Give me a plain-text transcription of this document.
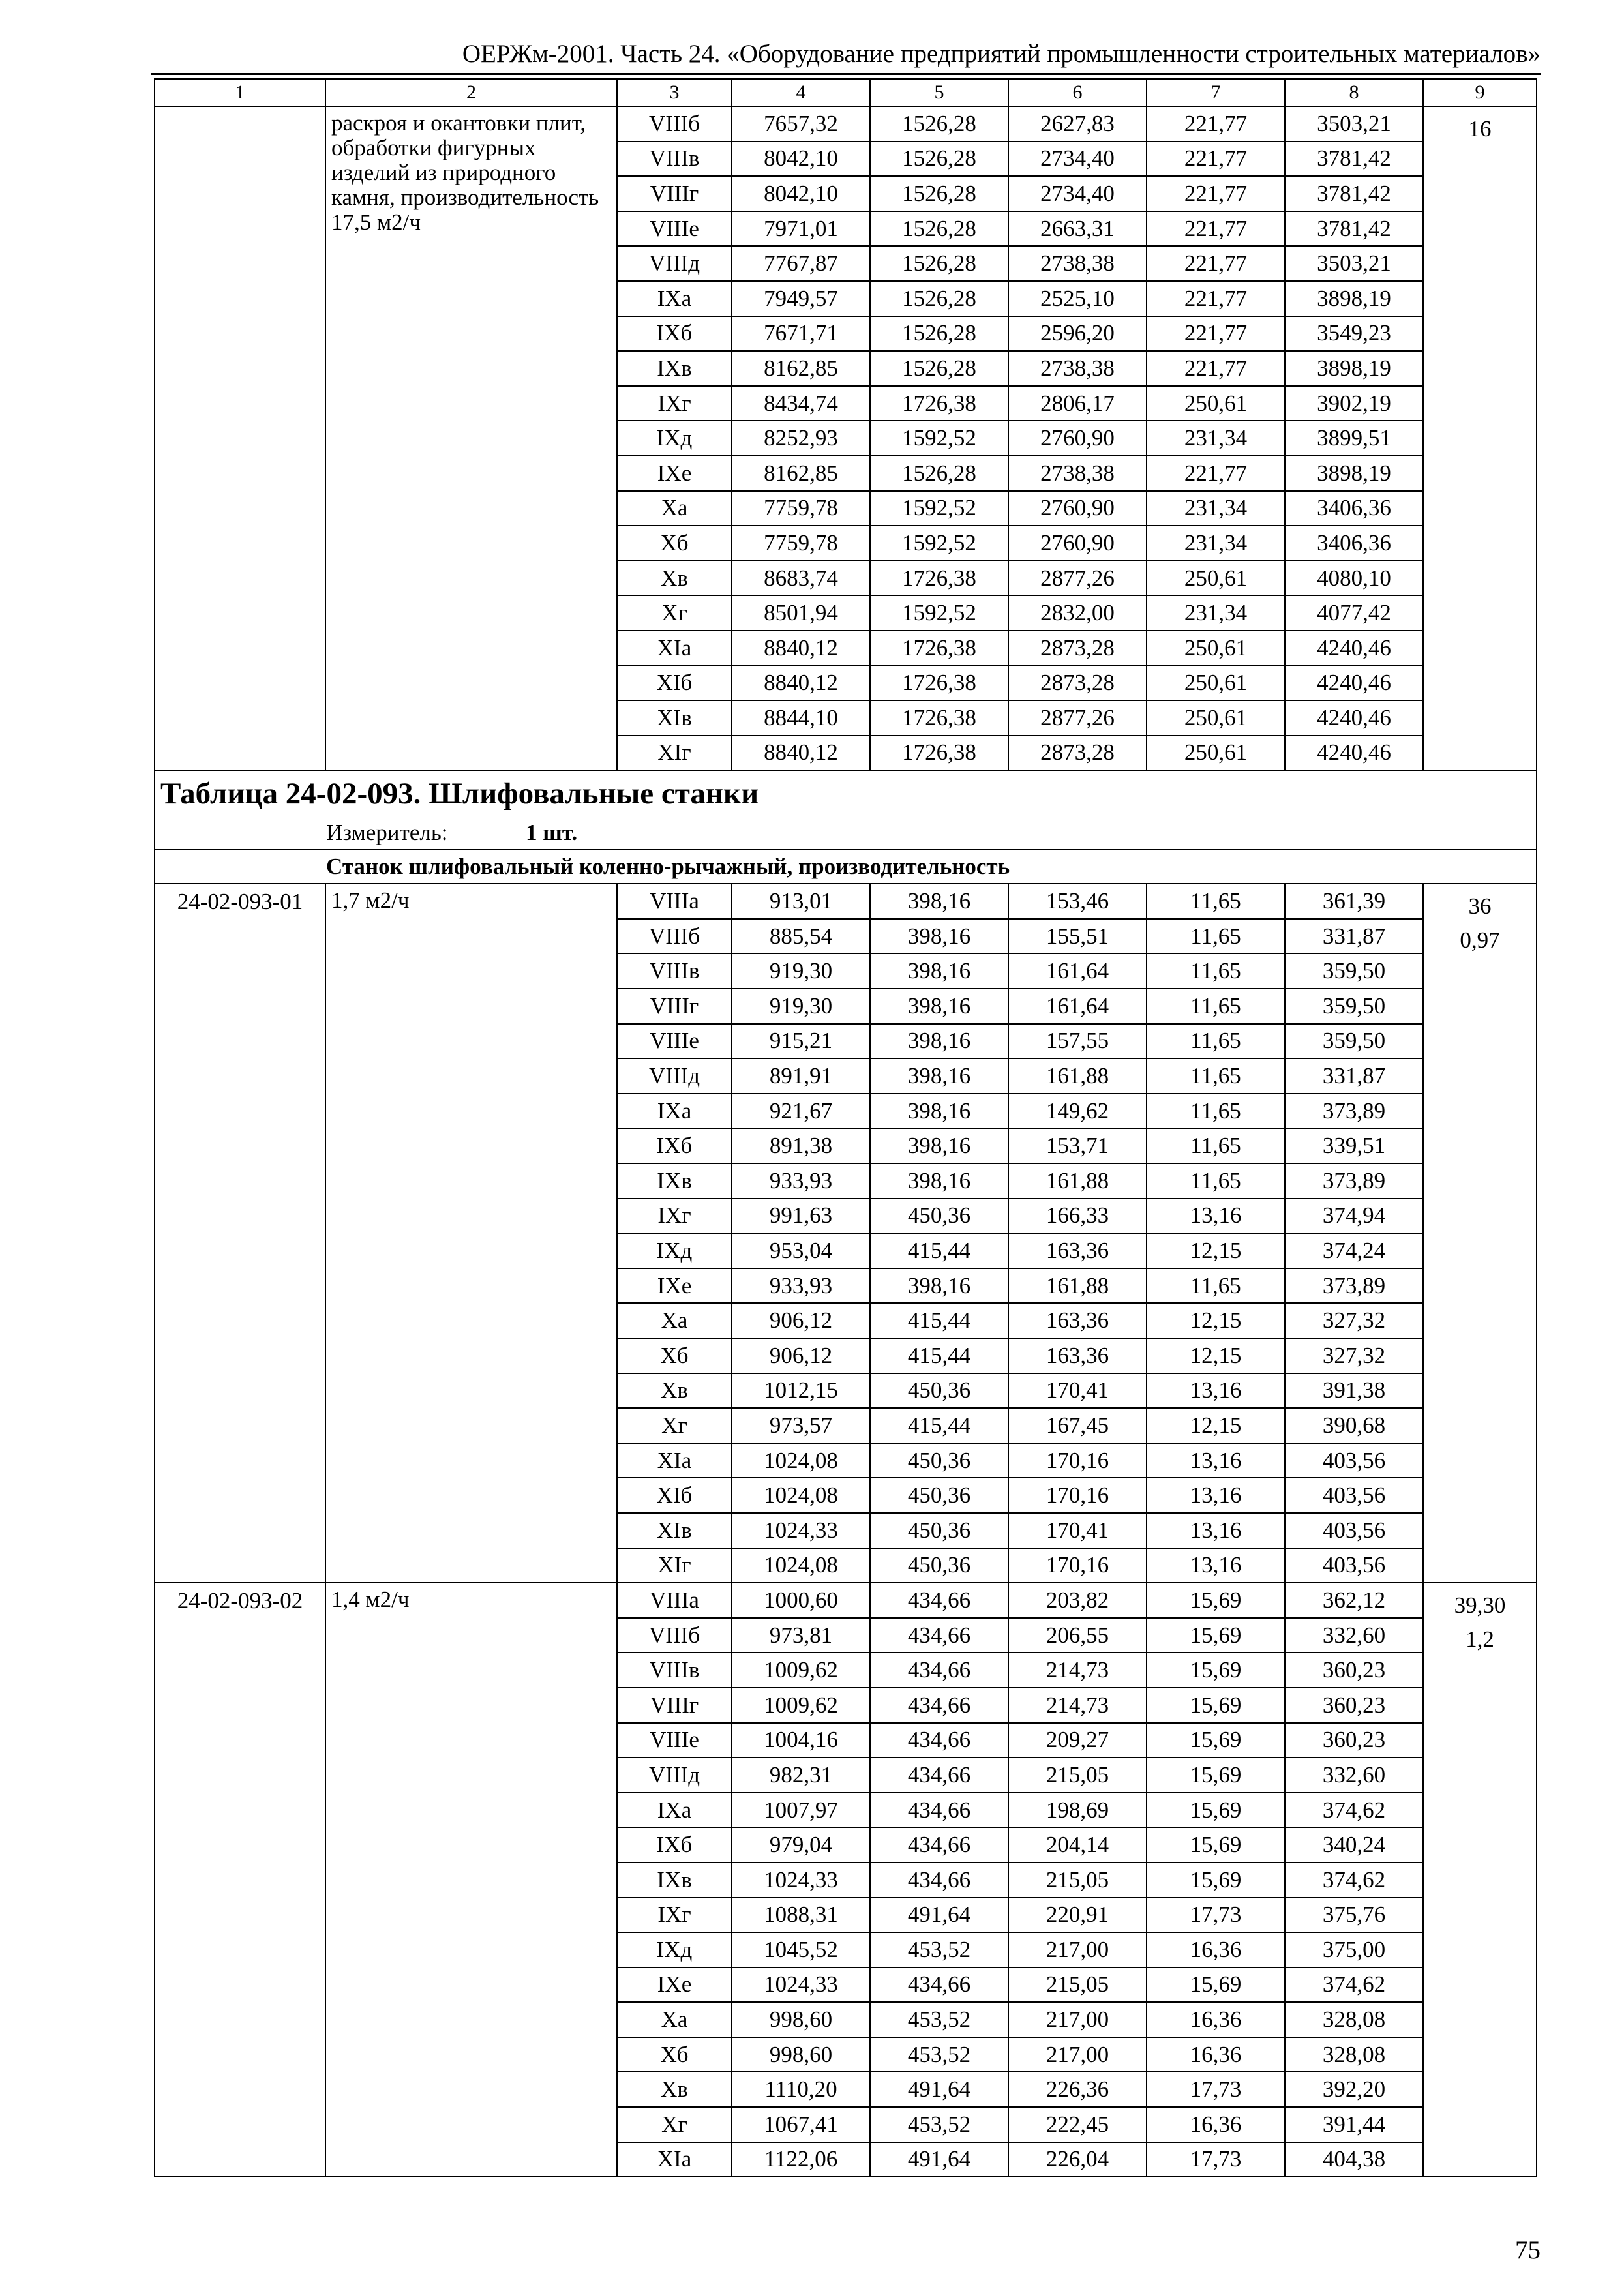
ОЕРЖм-2001. Часть 24. «Оборудование предприятий промышленности строительных материалов»
1	2	3	4	5	6	7	8	9
	раскроя и окантовки плит, обработки фигурных изделий из природного камня, производительность 17,5 м2/ч	VIIIб	7657,32	1526,28	2627,83	221,77	3503,21	16

		VIIIв	8042,10	1526,28	2734,40	221,77	3781,42	
		VIIIг	8042,10	1526,28	2734,40	221,77	3781,42	
		VIIIе	7971,01	1526,28	2663,31	221,77	3781,42	
		VIIIд	7767,87	1526,28	2738,38	221,77	3503,21	
		IXа	7949,57	1526,28	2525,10	221,77	3898,19	
		IXб	7671,71	1526,28	2596,20	221,77	3549,23	
		IXв	8162,85	1526,28	2738,38	221,77	3898,19	
		IXг	8434,74	1726,38	2806,17	250,61	3902,19	
		IXд	8252,93	1592,52	2760,90	231,34	3899,51	
		IXе	8162,85	1526,28	2738,38	221,77	3898,19	
		Xа	7759,78	1592,52	2760,90	231,34	3406,36	
		Xб	7759,78	1592,52	2760,90	231,34	3406,36	
		Xв	8683,74	1726,38	2877,26	250,61	4080,10	
		Xг	8501,94	1592,52	2832,00	231,34	4077,42	
		XIа	8840,12	1726,38	2873,28	250,61	4240,46	
		XIб	8840,12	1726,38	2873,28	250,61	4240,46	
		XIв	8844,10	1726,38	2877,26	250,61	4240,46	
		XIг	8840,12	1726,38	2873,28	250,61	4240,46	
Таблица 24-02-093. Шлифовальные станки								
Измеритель: 1 шт.								
Станок шлифовальный коленно-рычажный, производительность								
24-02-093-01	1,7 м2/ч	VIIIа	913,01	398,16	153,46	11,65	361,39	36
0,97

		VIIIб	885,54	398,16	155,51	11,65	331,87	
		VIIIв	919,30	398,16	161,64	11,65	359,50	
		VIIIг	919,30	398,16	161,64	11,65	359,50	
		VIIIе	915,21	398,16	157,55	11,65	359,50	
		VIIIд	891,91	398,16	161,88	11,65	331,87	
		IXа	921,67	398,16	149,62	11,65	373,89	
		IXб	891,38	398,16	153,71	11,65	339,51	
		IXв	933,93	398,16	161,88	11,65	373,89	
		IXг	991,63	450,36	166,33	13,16	374,94	
		IXд	953,04	415,44	163,36	12,15	374,24	
		IXе	933,93	398,16	161,88	11,65	373,89	
		Xа	906,12	415,44	163,36	12,15	327,32	
		Xб	906,12	415,44	163,36	12,15	327,32	
		Xв	1012,15	450,36	170,41	13,16	391,38	
		Xг	973,57	415,44	167,45	12,15	390,68	
		XIа	1024,08	450,36	170,16	13,16	403,56	
		XIб	1024,08	450,36	170,16	13,16	403,56	
		XIв	1024,33	450,36	170,41	13,16	403,56	
		XIг	1024,08	450,36	170,16	13,16	403,56	
24-02-093-02	1,4 м2/ч	VIIIа	1000,60	434,66	203,82	15,69	362,12	39,30
1,2

		VIIIб	973,81	434,66	206,55	15,69	332,60	
		VIIIв	1009,62	434,66	214,73	15,69	360,23	
		VIIIг	1009,62	434,66	214,73	15,69	360,23	
		VIIIе	1004,16	434,66	209,27	15,69	360,23	
		VIIIд	982,31	434,66	215,05	15,69	332,60	
		IXа	1007,97	434,66	198,69	15,69	374,62	
		IXб	979,04	434,66	204,14	15,69	340,24	
		IXв	1024,33	434,66	215,05	15,69	374,62	
		IXг	1088,31	491,64	220,91	17,73	375,76	
		IXд	1045,52	453,52	217,00	16,36	375,00	
		IXе	1024,33	434,66	215,05	15,69	374,62	
		Xа	998,60	453,52	217,00	16,36	328,08	
		Xб	998,60	453,52	217,00	16,36	328,08	
		Xв	1110,20	491,64	226,36	17,73	392,20	
		Xг	1067,41	453,52	222,45	16,36	391,44	
		XIа	1122,06	491,64	226,04	17,73	404,38	
75
